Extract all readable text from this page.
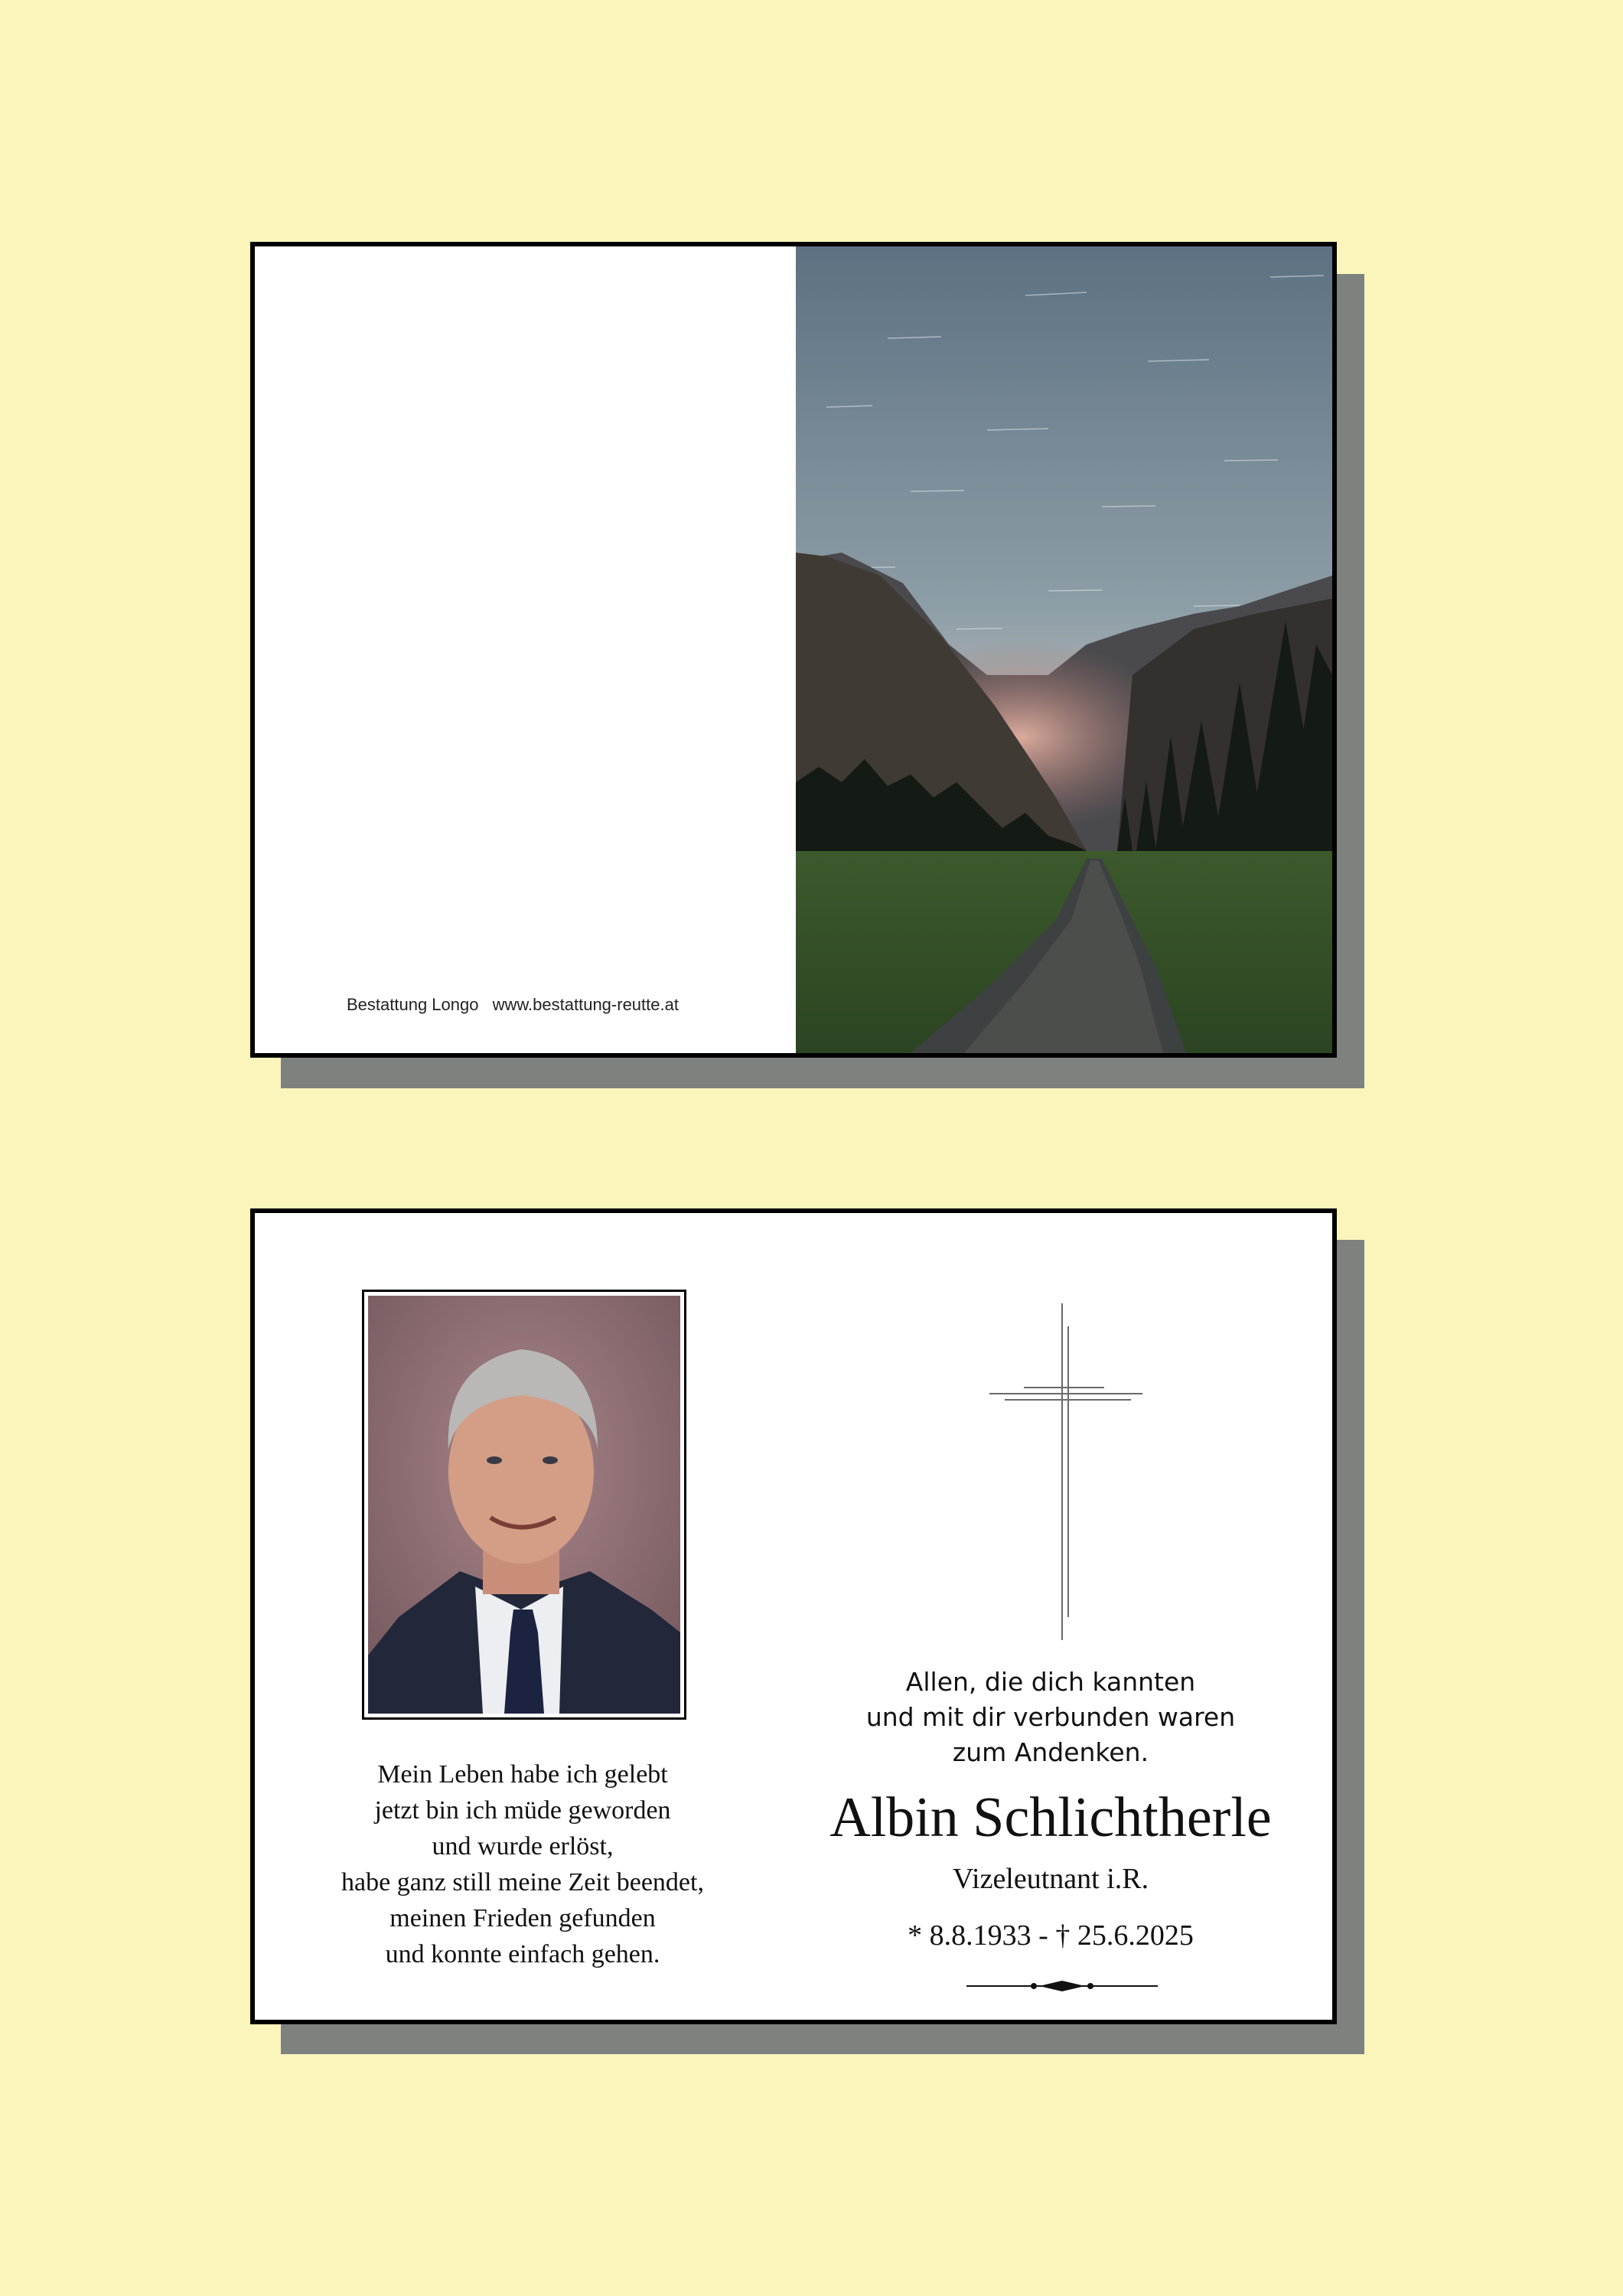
Bestattung Longo www.bestattung-reutte.at
Mein Leben habe ich gelebt
jetzt bin ich müde geworden
und wurde erlöst,
habe ganz still meine Zeit beendet,
meinen Frieden gefunden
und konnte einfach gehen.
Allen, die dich kannten
und mit dir verbunden waren
zum Andenken.
Albin Schlichtherle
Vizeleutnant i.R.
* 8.8.1933 - † 25.6.2025
